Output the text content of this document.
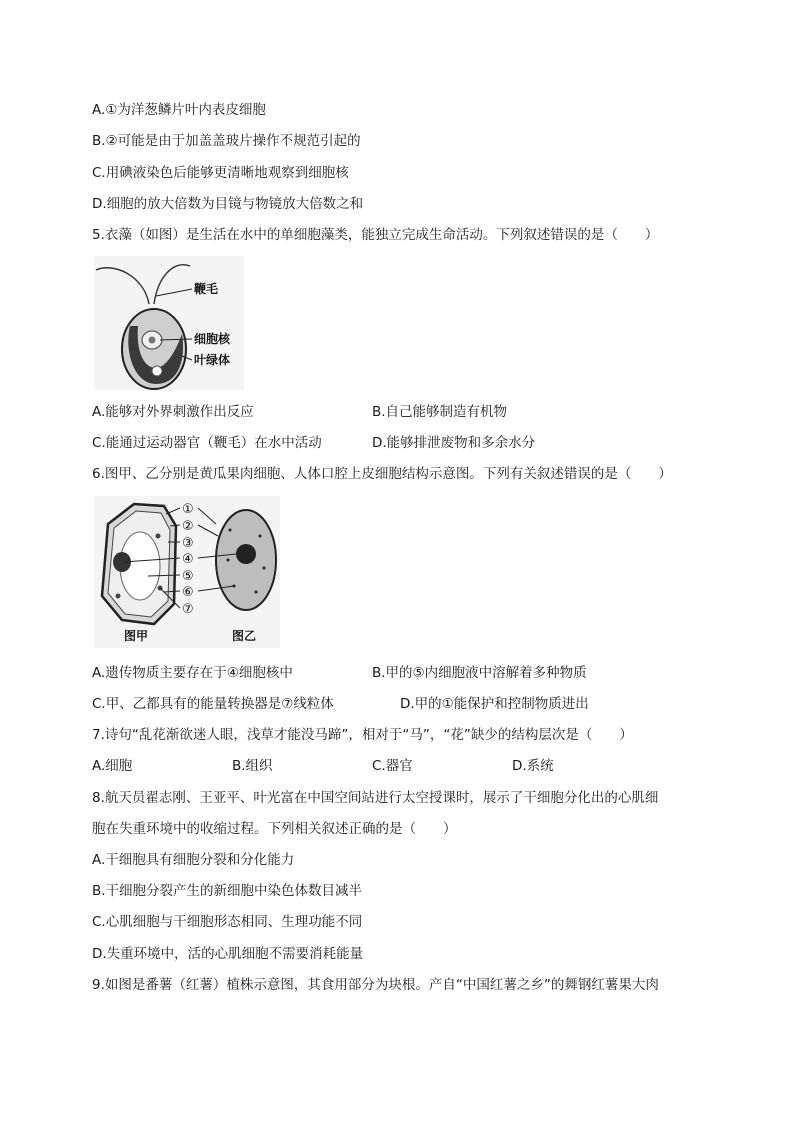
A.①为洋葱鳞片叶内表皮细胞
B.②可能是由于加盖盖玻片操作不规范引起的
C.用碘液染色后能够更清晰地观察到细胞核
D.细胞的放大倍数为目镜与物镜放大倍数之和
5.衣藻（如图）是生活在水中的单细胞藻类，能独立完成生命活动。下列叙述错误的是（　　）
鞭毛
细胞核
叶绿体
A.能够对外界刺激作出反应	B.自己能够制造有机物
C.能通过运动器官（鞭毛）在水中活动	D.能够排泄废物和多余水分
6.图甲、乙分别是黄瓜果肉细胞、人体口腔上皮细胞结构示意图。下列有关叙述错误的是（　　）
①
②
③
④
⑤
⑥
⑦
图甲	图乙
A.遗传物质主要存在于④细胞核中	B.甲的⑤内细胞液中溶解着多种物质
C.甲、乙都具有的能量转换器是⑦线粒体	D.甲的①能保护和控制物质进出
7.诗句“乱花渐欲迷人眼，浅草才能没马蹄”，相对于“马”，“花”缺少的结构层次是（　　）
A.细胞	B.组织	C.器官	D.系统
8.航天员翟志刚、王亚平、叶光富在中国空间站进行太空授课时，展示了干细胞分化出的心肌细
胞在失重环境中的收缩过程。下列相关叙述正确的是（　　）
A.干细胞具有细胞分裂和分化能力
B.干细胞分裂产生的新细胞中染色体数目减半
C.心肌细胞与干细胞形态相同、生理功能不同
D.失重环境中，活的心肌细胞不需要消耗能量
9.如图是番薯（红薯）植株示意图，其食用部分为块根。产自“中国红薯之乡”的舞钢红薯果大肉
